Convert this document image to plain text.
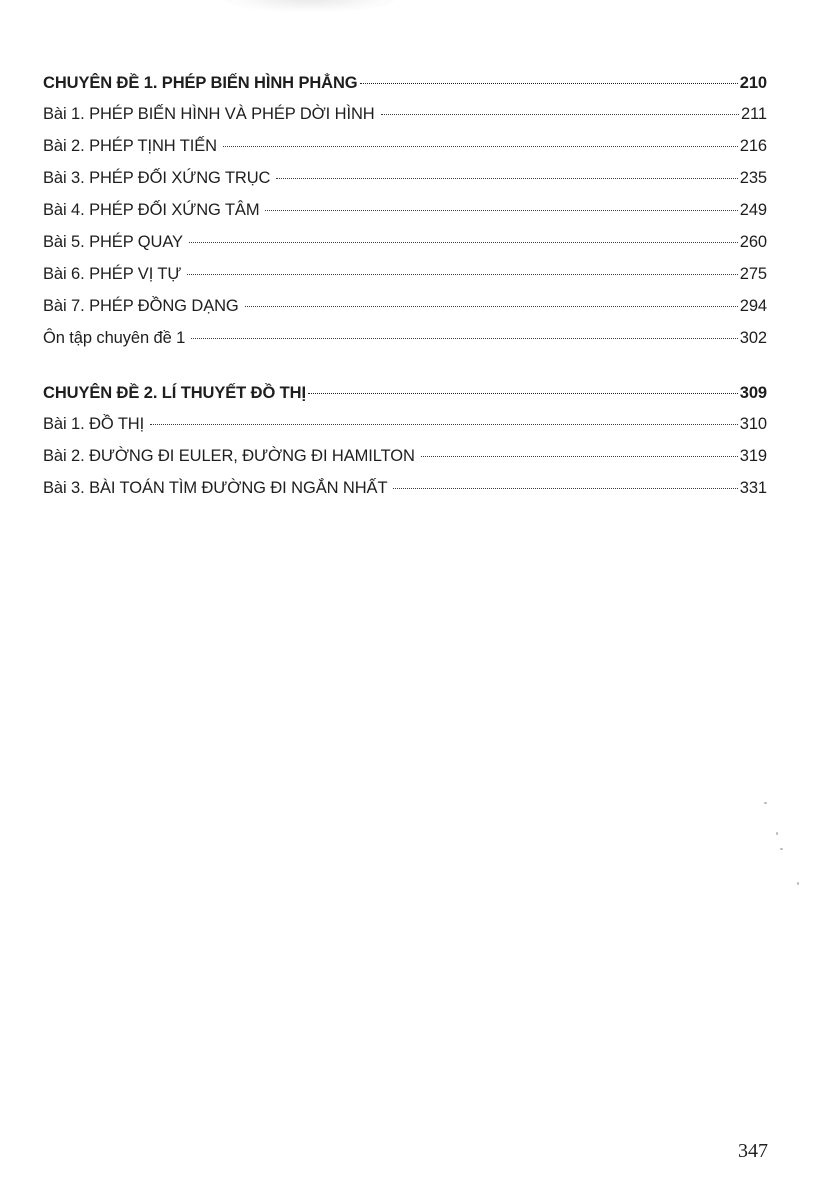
CHUYÊN ĐỀ 1. PHÉP BIẾN HÌNH PHẲNG	210
Bài 1. PHÉP BIẾN HÌNH VÀ PHÉP DỜI HÌNH	211
Bài 2. PHÉP TỊNH TIẾN	216
Bài 3. PHÉP ĐỐI XỨNG TRỤC	235
Bài 4. PHÉP ĐỐI XỨNG TÂM	249
Bài 5. PHÉP QUAY	260
Bài 6. PHÉP VỊ TỰ	275
Bài 7. PHÉP ĐỒNG DẠNG	294
Ôn tập chuyên đề 1	302
CHUYÊN ĐỀ 2. LÍ THUYẾT ĐỒ THỊ	309
Bài 1. ĐỒ THỊ	310
Bài 2. ĐƯỜNG ĐI EULER, ĐƯỜNG ĐI HAMILTON	319
Bài 3. BÀI TOÁN TÌM ĐƯỜNG ĐI NGẮN NHẤT	331
347
